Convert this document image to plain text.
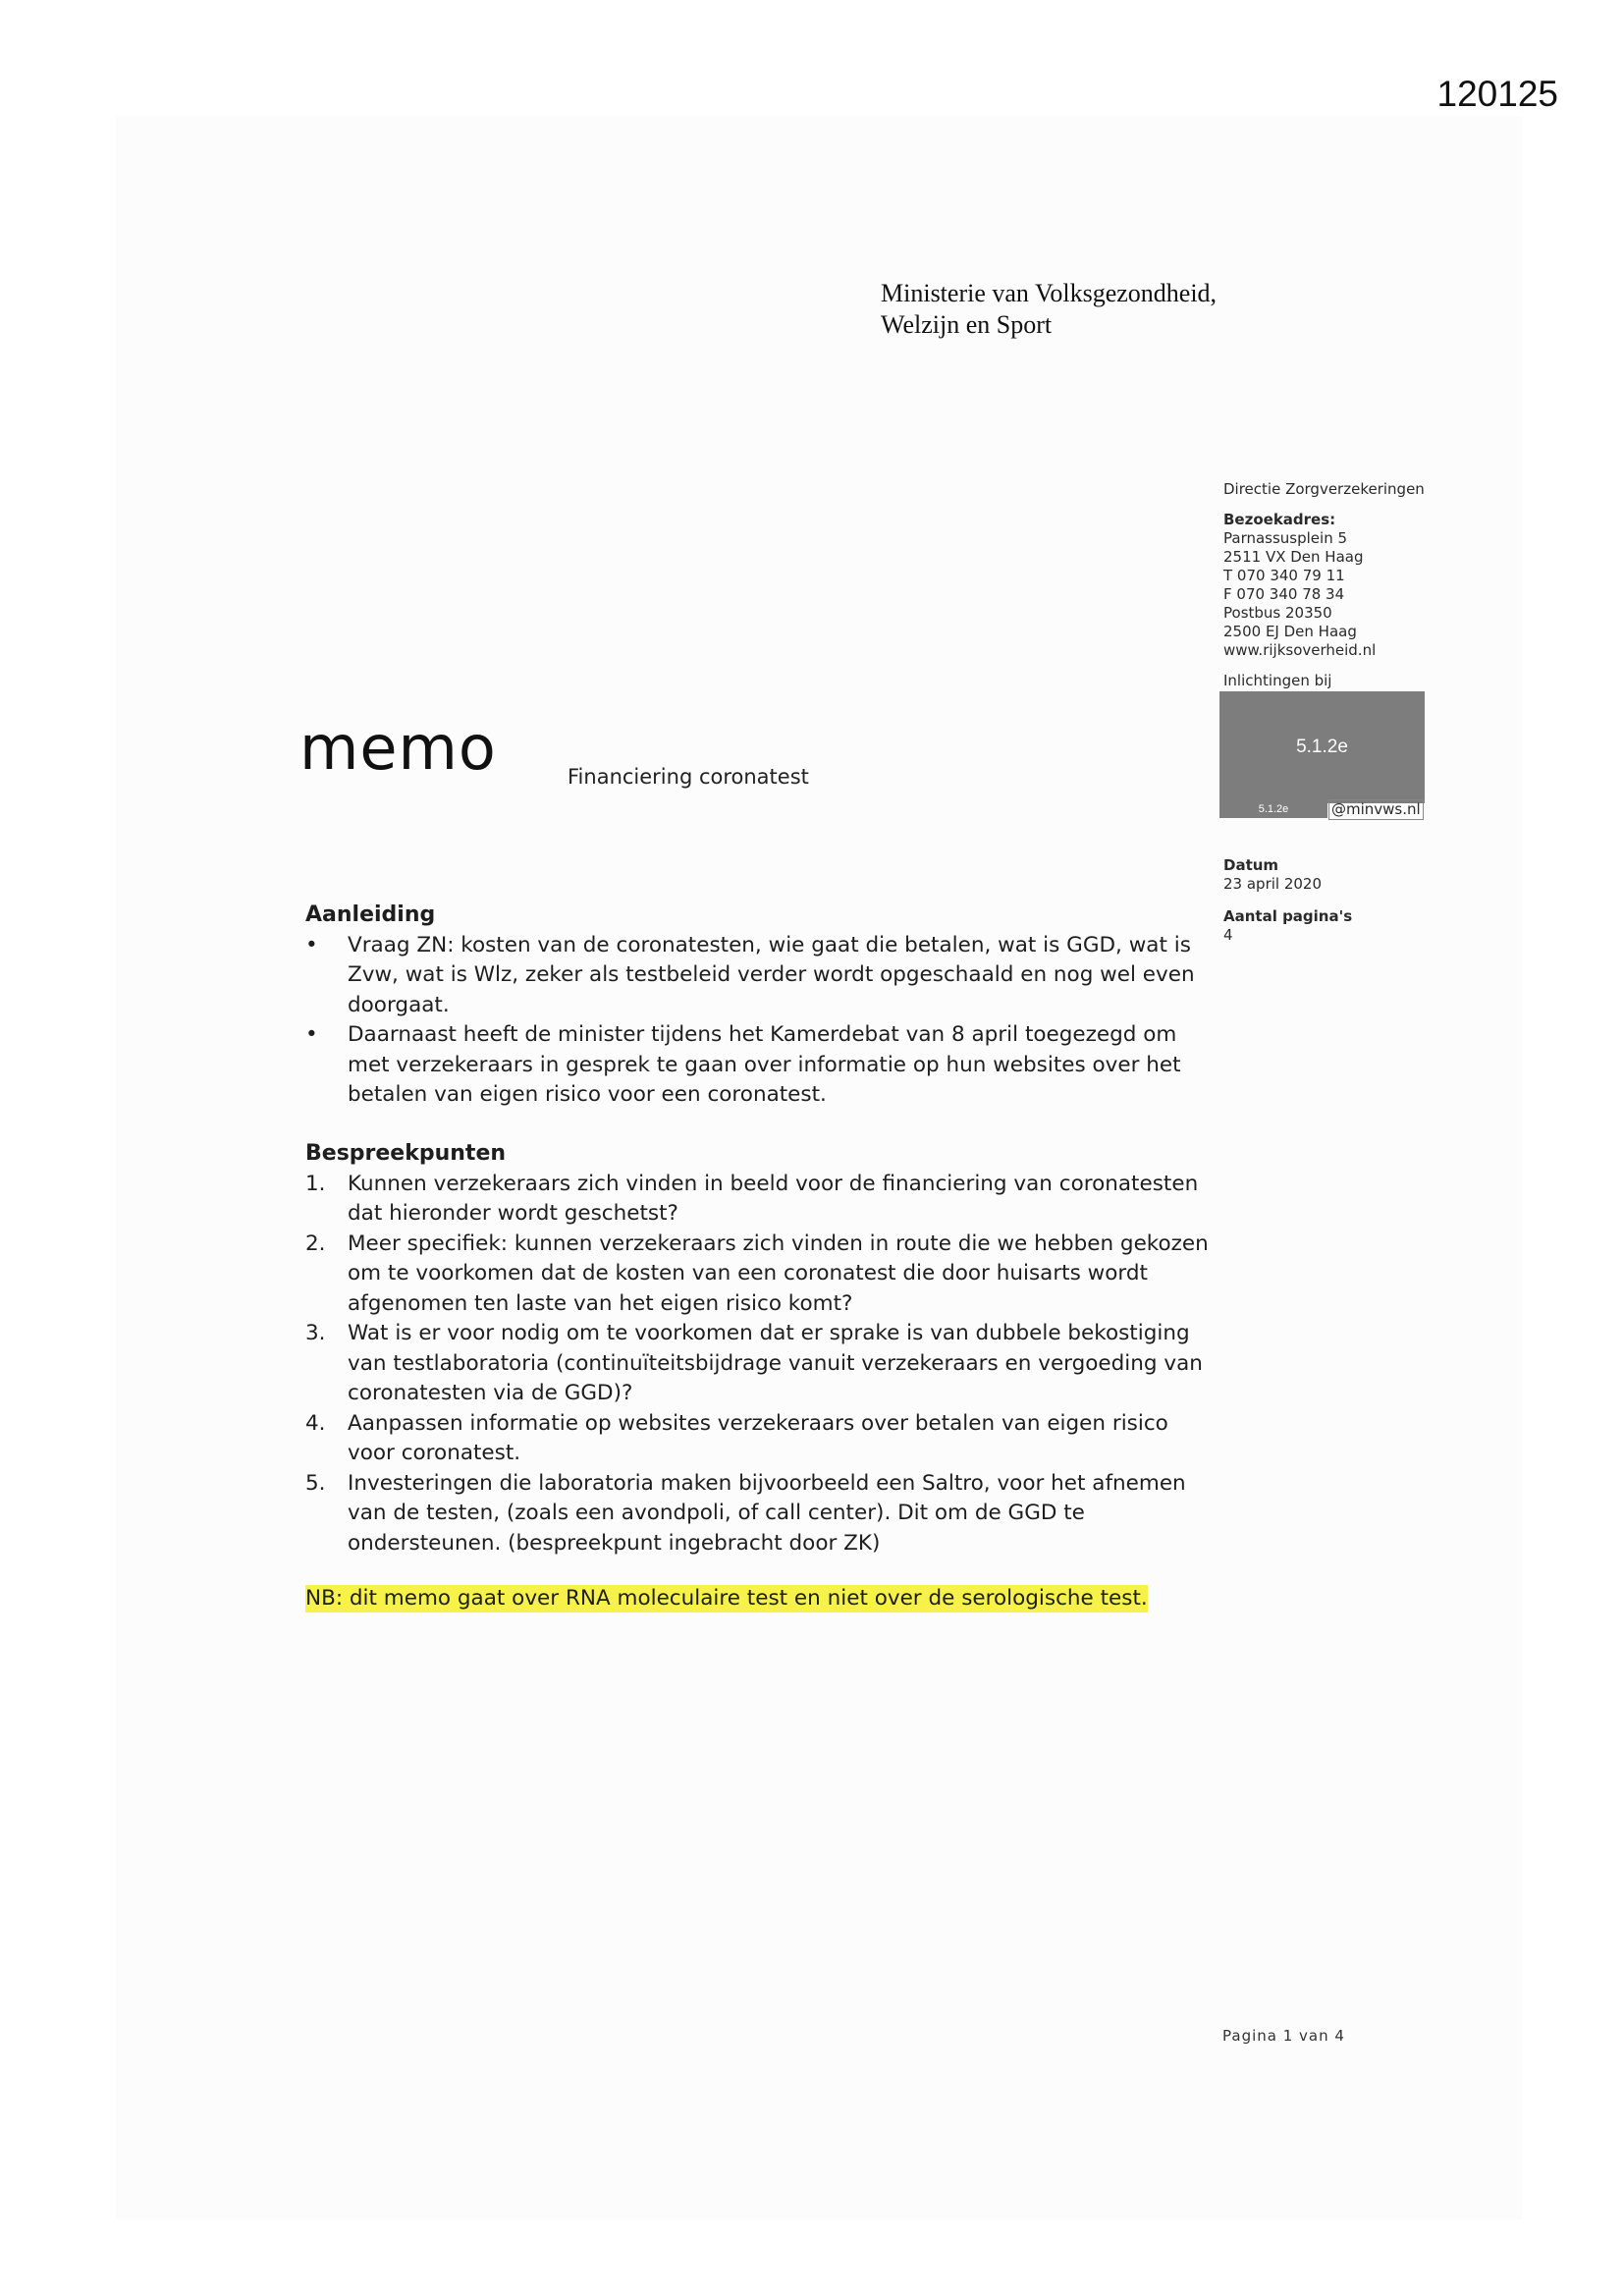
120125
Ministerie van Volksgezondheid,
Welzijn en Sport
Directie Zorgverzekeringen
Bezoekadres:
Parnassusplein 5
2511 VX Den Haag
T 070 340 79 11
F 070 340 78 34
Postbus 20350
2500 EJ Den Haag
www.rijksoverheid.nl
Inlichtingen bij
5.1.2e
5.1.2e	@minvws.nl
Datum
23 april 2020
Aantal pagina's
4
memo	Financiering coronatest
Aanleiding
• Vraag ZN: kosten van de coronatesten, wie gaat die betalen, wat is GGD, wat is Zvw, wat is Wlz, zeker als testbeleid verder wordt opgeschaald en nog wel even doorgaat.
• Daarnaast heeft de minister tijdens het Kamerdebat van 8 april toegezegd om met verzekeraars in gesprek te gaan over informatie op hun websites over het betalen van eigen risico voor een coronatest.
Bespreekpunten
1. Kunnen verzekeraars zich vinden in beeld voor de financiering van coronatesten dat hieronder wordt geschetst?
2. Meer specifiek: kunnen verzekeraars zich vinden in route die we hebben gekozen om te voorkomen dat de kosten van een coronatest die door huisarts wordt afgenomen ten laste van het eigen risico komt?
3. Wat is er voor nodig om te voorkomen dat er sprake is van dubbele bekostiging van testlaboratoria (continuïteitsbijdrage vanuit verzekeraars en vergoeding van coronatesten via de GGD)?
4. Aanpassen informatie op websites verzekeraars over betalen van eigen risico voor coronatest.
5. Investeringen die laboratoria maken bijvoorbeeld een Saltro, voor het afnemen van de testen, (zoals een avondpoli, of call center). Dit om de GGD te ondersteunen. (bespreekpunt ingebracht door ZK)
NB: dit memo gaat over RNA moleculaire test en niet over de serologische test.
Pagina 1 van 4
